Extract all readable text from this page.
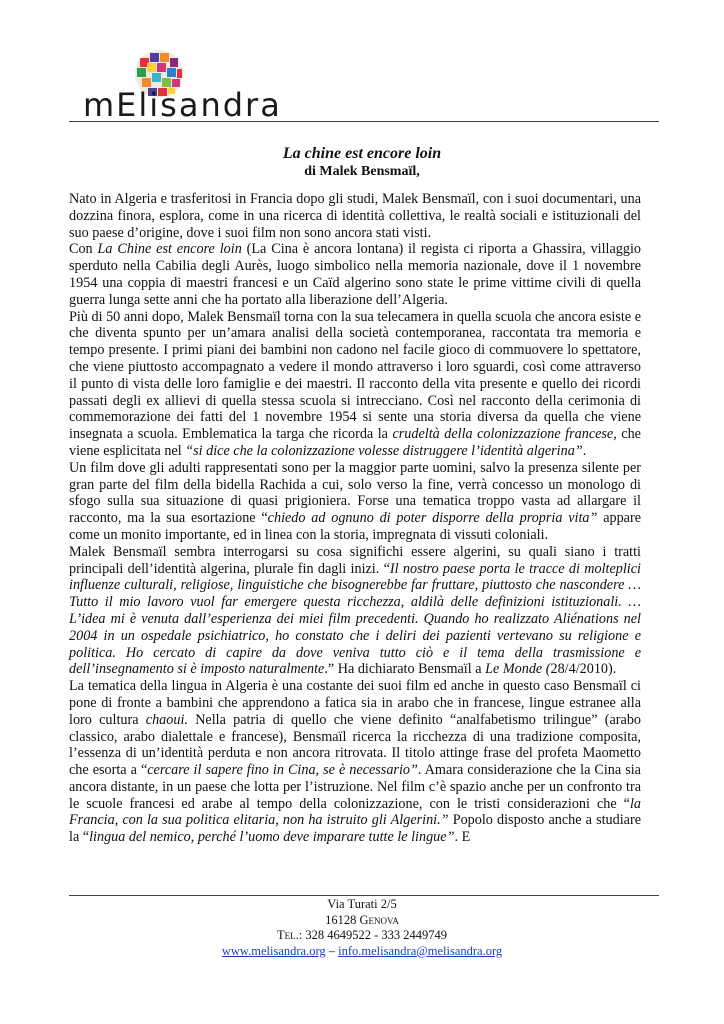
mElisandra
La chine est encore loin
di Malek Bensmaïl,

Nato in Algeria e trasferitosi in Francia dopo gli studi, Malek Bensmaïl, con i suoi documentari, una dozzina finora, esplora, come in una ricerca di identità collettiva, le realtà sociali e istituzionali del suo paese d’origine, dove i suoi film non sono ancora stati visti.

Con La Chine est encore loin (La Cina è ancora lontana) il regista ci riporta a Ghassira, villaggio sperduto nella Cabilia degli Aurès, luogo simbolico nella memoria nazionale, dove il 1 novembre 1954 una coppia di maestri francesi e un Caïd algerino sono state le prime vittime civili di quella guerra lunga sette anni che ha portato alla liberazione dell’Algeria.

Più di 50 anni dopo, Malek Bensmaïl torna con la sua telecamera in quella scuola che ancora esiste e che diventa spunto per un’amara analisi della società contemporanea, raccontata tra memoria e tempo presente. I primi piani dei bambini non cadono nel facile gioco di commuovere lo spettatore, che viene piuttosto accompagnato a vedere il mondo attraverso i loro sguardi, così come attraverso il punto di vista delle loro famiglie e dei maestri. Il racconto della vita presente e quello dei ricordi passati degli ex allievi di quella stessa scuola si intrecciano. Così nel racconto della cerimonia di commemorazione dei fatti del 1 novembre 1954 si sente una storia diversa da quella che viene insegnata a scuola. Emblematica la targa che ricorda la crudeltà della colonizzazione francese, che viene esplicitata nel “si dice che la colonizzazione volesse distruggere l’identità algerina”.

Un film dove gli adulti rappresentati sono per la maggior parte uomini, salvo la presenza silente per gran parte del film della bidella Rachida a cui, solo verso la fine, verrà concesso un monologo di sfogo sulla sua situazione di quasi prigioniera. Forse una tematica troppo vasta ad allargare il racconto, ma la sua esortazione “chiedo ad ognuno di poter disporre della propria vita” appare come un monito importante, ed in linea con la storia, impregnata di vissuti coloniali.

Malek Bensmaïl sembra interrogarsi su cosa significhi essere algerini, su quali siano i tratti principali dell’identità algerina, plurale fin dagli inizi. “Il nostro paese porta le tracce di molteplici influenze culturali, religiose, linguistiche che bisognerebbe far fruttare, piuttosto che nascondere … Tutto il mio lavoro vuol far emergere questa ricchezza, aldilà delle definizioni istituzionali. … L’idea mi è venuta dall’esperienza dei miei film precedenti. Quando ho realizzato Aliénations nel 2004 in un ospedale psichiatrico, ho constato che i deliri dei pazienti vertevano su religione e politica. Ho cercato di capire da dove veniva tutto ciò e il tema della trasmissione e dell’insegnamento si è imposto naturalmente.” Ha dichiarato Bensmaïl a Le Monde (28/4/2010).

La tematica della lingua in Algeria è una costante dei suoi film ed anche in questo caso Bensmaïl ci pone di fronte a bambini che apprendono a fatica sia in arabo che in francese, lingue estranee alla loro cultura chaoui. Nella patria di quello che viene definito “analfabetismo trilingue” (arabo classico, arabo dialettale e francese), Bensmaïl ricerca la ricchezza di una tradizione composita, l’essenza di un’identità perduta e non ancora ritrovata. Il titolo attinge frase del profeta Maometto che esorta a “cercare il sapere fino in Cina, se è necessario”. Amara considerazione che la Cina sia ancora distante, in un paese che lotta per l’istruzione. Nel film c’è spazio anche per un confronto tra le scuole francesi ed arabe al tempo della colonizzazione, con le tristi considerazioni che “la Francia, con la sua politica elitaria, non ha istruito gli Algerini.” Popolo disposto anche a studiare la “lingua del nemico, perché l’uomo deve imparare tutte le lingue”. E

Via Turati 2/5
16128 Genova
Tel.: 328 4649522 - 333 2449749
www.melisandra.org – info.melisandra@melisandra.org
